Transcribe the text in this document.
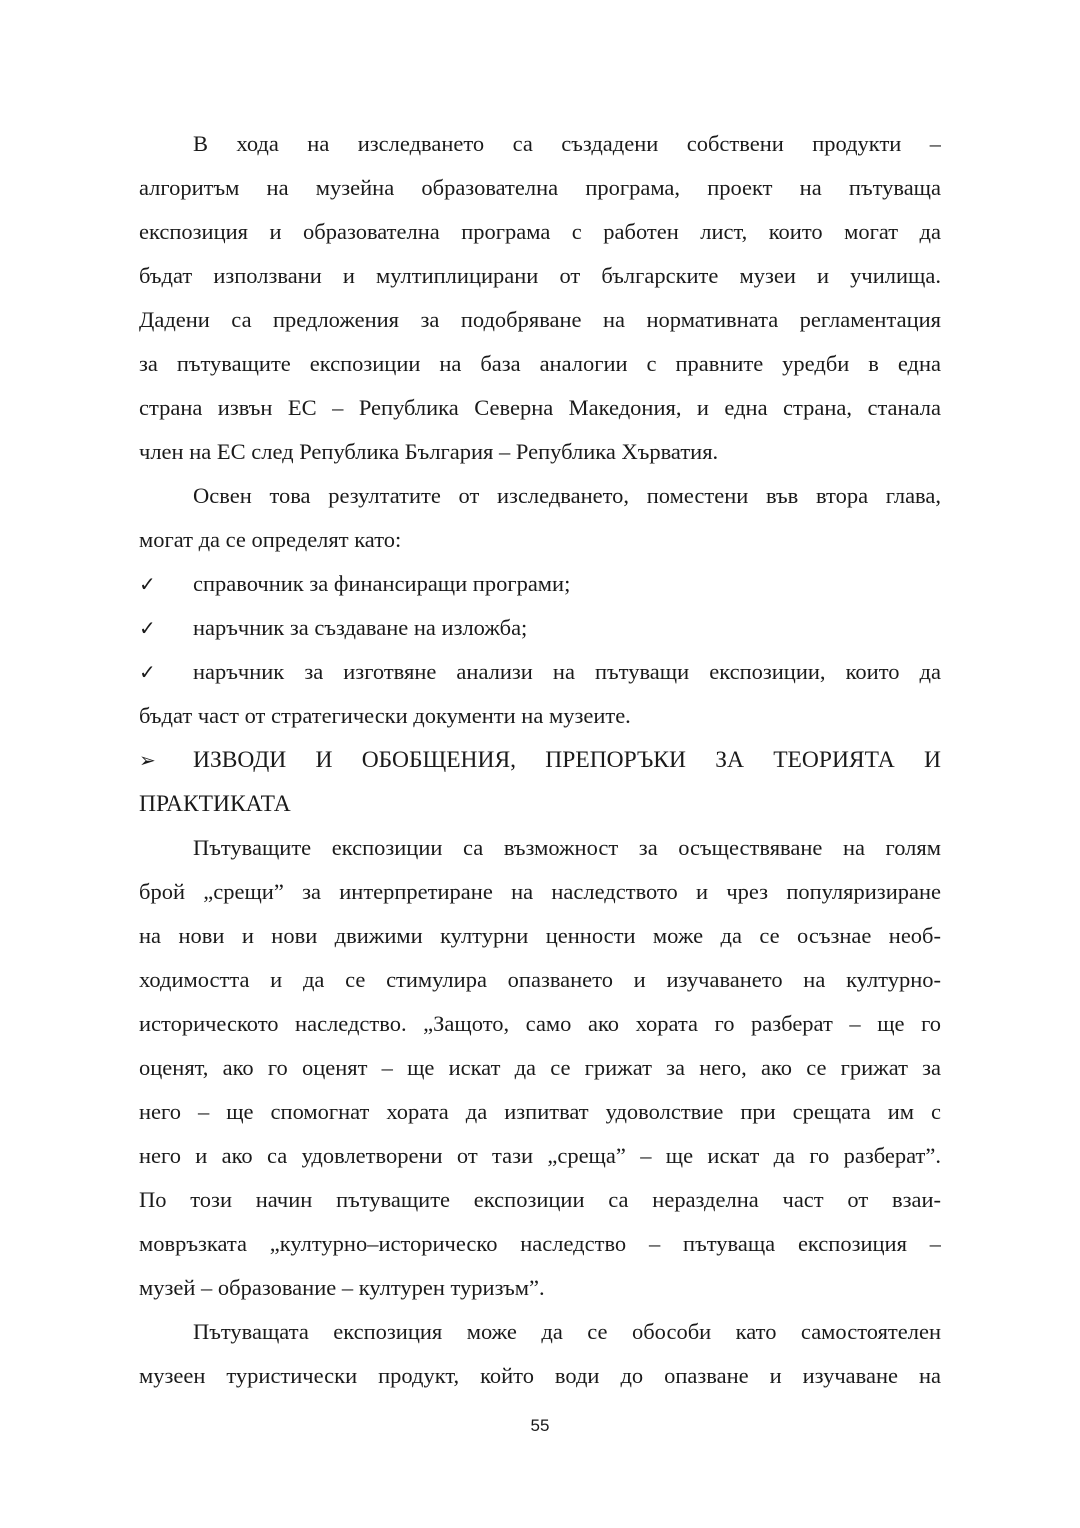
В хода на изследването са създадени собствени продукти –
алгоритъм на музейна образователна програма, проект на пътуваща
експозиция и образователна програма с работен лист, които могат да
бъдат използвани и мултиплицирани от българските музеи и училища.
Дадени са предложения за подобряване на нормативната регламентация
за пътуващите експозиции на база аналогии с правните уредби в една
страна извън ЕС – Република Северна Македония, и една страна, станала
член на ЕС след Република България – Република Хърватия.
Освен това резултатите от изследването, поместени във втора глава,
могат да се определят като:
✓	справочник за финансиращи програми;
✓	наръчник за създаване на изложба;
✓	наръчник за изготвяне анализи на пътуващи експозиции, които да
бъдат част от стратегически документи на музеите.
➢	ИЗВОДИ И ОБОБЩЕНИЯ, ПРЕПОРЪКИ ЗА ТЕОРИЯТА И
ПРАКТИКАТА
Пътуващите експозиции са възможност за осъществяване на голям
брой „срещи” за интерпретиране на наследството и чрез популяризиране
на нови и нови движими културни ценности може да се осъзнае необ-
ходимостта и да се стимулира опазването и изучаването на културно-
историческото наследство. „Защото, само ако хората го разберат – ще го
оценят, ако го оценят – ще искат да се грижат за него, ако се грижат за
него – ще спомогнат хората да изпитват удоволствие при срещата им с
него и ако са удовлетворени от тази „среща” – ще искат да го разберат”.
По този начин пътуващите експозиции са неразделна част от взаи-
мовръзката „културно–историческо наследство – пътуваща експозиция –
музей – образование – културен туризъм”.
Пътуващата експозиция може да се обособи като самостоятелен
музеен туристически продукт, който води до опазване и изучаване на
55
